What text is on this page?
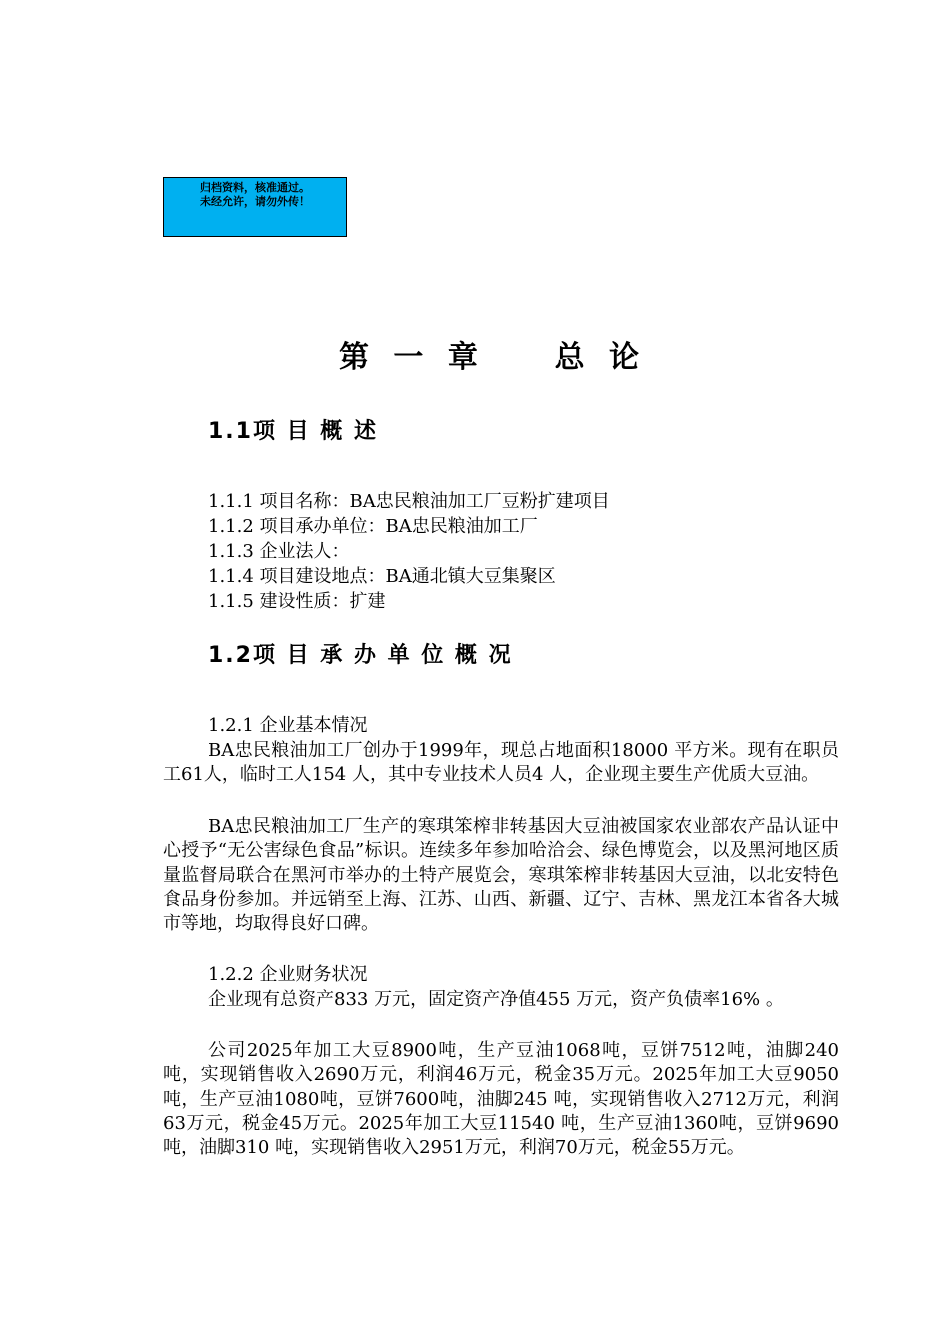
归档资料，核准通过。
未经允许，请勿外传！
第 一 章    总 论
1.1项 目 概 述
1.1.1 项目名称：BA忠民粮油加工厂豆粉扩建项目
1.1.2 项目承办单位：BA忠民粮油加工厂
1.1.3 企业法人：
1.1.4 项目建设地点：BA通北镇大豆集聚区
1.1.5 建设性质：扩建
1.2项 目 承 办 单 位 概 况
1.2.1 企业基本情况
BA忠民粮油加工厂创办于1999年，现总占地面积18000 平方米。现有在职员工61人，临时工人154 人，其中专业技术人员4 人，企业现主要生产优质大豆油。
BA忠民粮油加工厂生产的寒琪笨榨非转基因大豆油被国家农业部农产品认证中心授予“无公害绿色食品”标识。连续多年参加哈洽会、绿色博览会，以及黑河地区质量监督局联合在黑河市举办的土特产展览会，寒琪笨榨非转基因大豆油，以北安特色食品身份参加。并远销至上海、江苏、山西、新疆、辽宁、吉林、黑龙江本省各大城市等地，均取得良好口碑。
1.2.2 企业财务状况
企业现有总资产833 万元，固定资产净值455 万元，资产负债率16% 。
公司2025年加工大豆8900吨，生产豆油1068吨，豆饼7512吨，油脚240 吨，实现销售收入2690万元，利润46万元，税金35万元。2025年加工大豆9050吨，生产豆油1080吨，豆饼7600吨，油脚245 吨，实现销售收入2712万元，利润63万元，税金45万元。2025年加工大豆11540 吨，生产豆油1360吨，豆饼9690吨，油脚310 吨，实现销售收入2951万元，利润70万元，税金55万元。
